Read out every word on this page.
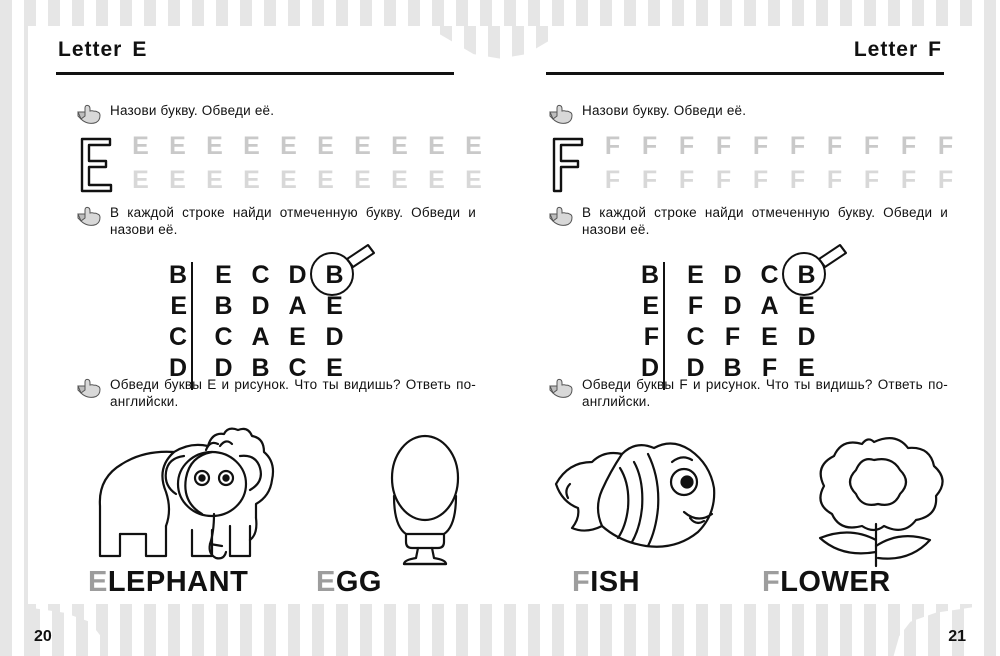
Letter E
Назови букву. Обведи её.
E E E E E E E E E E
E E E E E E E E E E
В каждой строке найди отмеченную букву. Обведи и назови её.
B	E C D B
E	B D A E
C	C A E D
D	D B C E
Обведи буквы E и рисунок. Что ты видишь? Ответь по-английски.
ELEPHANT EGG
Letter F
Назови букву. Обведи её.
F F F F F F F F F F
F F F F F F F F F F
В каждой строке найди отмеченную букву. Обведи и назови её.
B	E D C B
E	F D A E
F	C F E D
D	D B F E
Обведи буквы F и рисунок. Что ты видишь? Ответь по-английски.
FISH	FLOWER
20	21
